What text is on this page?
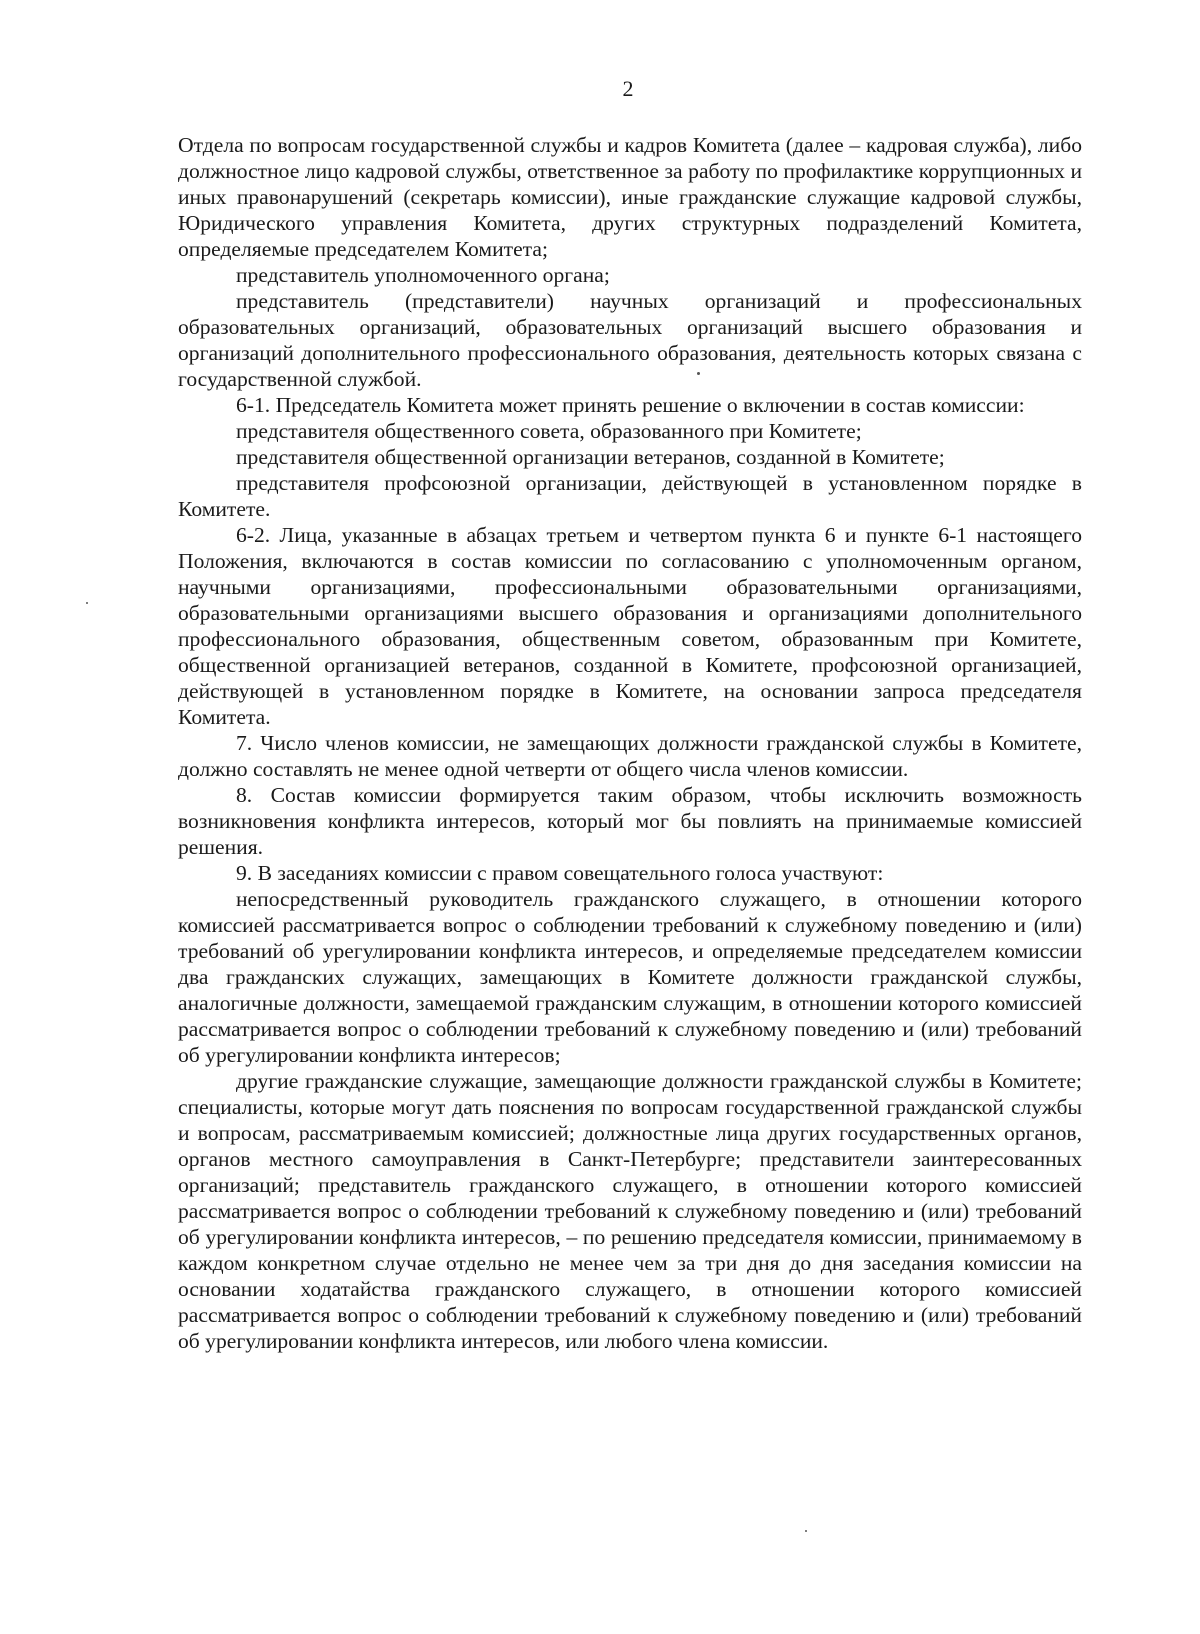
2

Отдела по вопросам государственной службы и кадров Комитета (далее – кадровая служба), либо должностное лицо кадровой службы, ответственное за работу по профилактике коррупционных и иных правонарушений (секретарь комиссии), иные гражданские служащие кадровой службы, Юридического управления Комитета, других структурных подразделений Комитета, определяемые председателем Комитета;

представитель уполномоченного органа;

представитель (представители) научных организаций и профессиональных образовательных организаций, образовательных организаций высшего образования и организаций дополнительного профессионального образования, деятельность которых связана с государственной службой.

6-1. Председатель Комитета может принять решение о включении в состав комиссии:

представителя общественного совета, образованного при Комитете;

представителя общественной организации ветеранов, созданной в Комитете;

представителя профсоюзной организации, действующей в установленном порядке в Комитете.

6-2. Лица, указанные в абзацах третьем и четвертом пункта 6 и пункте 6-1 настоящего Положения, включаются в состав комиссии по согласованию с уполномоченным органом, научными организациями, профессиональными образовательными организациями, образовательными организациями высшего образования и организациями дополнительного профессионального образования, общественным советом, образованным при Комитете, общественной организацией ветеранов, созданной в Комитете, профсоюзной организацией, действующей в установленном порядке в Комитете, на основании запроса председателя Комитета.

7. Число членов комиссии, не замещающих должности гражданской службы в Комитете, должно составлять не менее одной четверти от общего числа членов комиссии.

8. Состав комиссии формируется таким образом, чтобы исключить возможность возникновения конфликта интересов, который мог бы повлиять на принимаемые комиссией решения.

9. В заседаниях комиссии с правом совещательного голоса участвуют:

непосредственный руководитель гражданского служащего, в отношении которого комиссией рассматривается вопрос о соблюдении требований к служебному поведению и (или) требований об урегулировании конфликта интересов, и определяемые председателем комиссии два гражданских служащих, замещающих в Комитете должности гражданской службы, аналогичные должности, замещаемой гражданским служащим, в отношении которого комиссией рассматривается вопрос о соблюдении требований к служебному поведению и (или) требований об урегулировании конфликта интересов;

другие гражданские служащие, замещающие должности гражданской службы в Комитете; специалисты, которые могут дать пояснения по вопросам государственной гражданской службы и вопросам, рассматриваемым комиссией; должностные лица других государственных органов, органов местного самоуправления в Санкт-Петербурге; представители заинтересованных организаций; представитель гражданского служащего, в отношении которого комиссией рассматривается вопрос о соблюдении требований к служебному поведению и (или) требований об урегулировании конфликта интересов, – по решению председателя комиссии, принимаемому в каждом конкретном случае отдельно не менее чем за три дня до дня заседания комиссии на основании ходатайства гражданского служащего, в отношении которого комиссией рассматривается вопрос о соблюдении требований к служебному поведению и (или) требований об урегулировании конфликта интересов, или любого члена комиссии.
